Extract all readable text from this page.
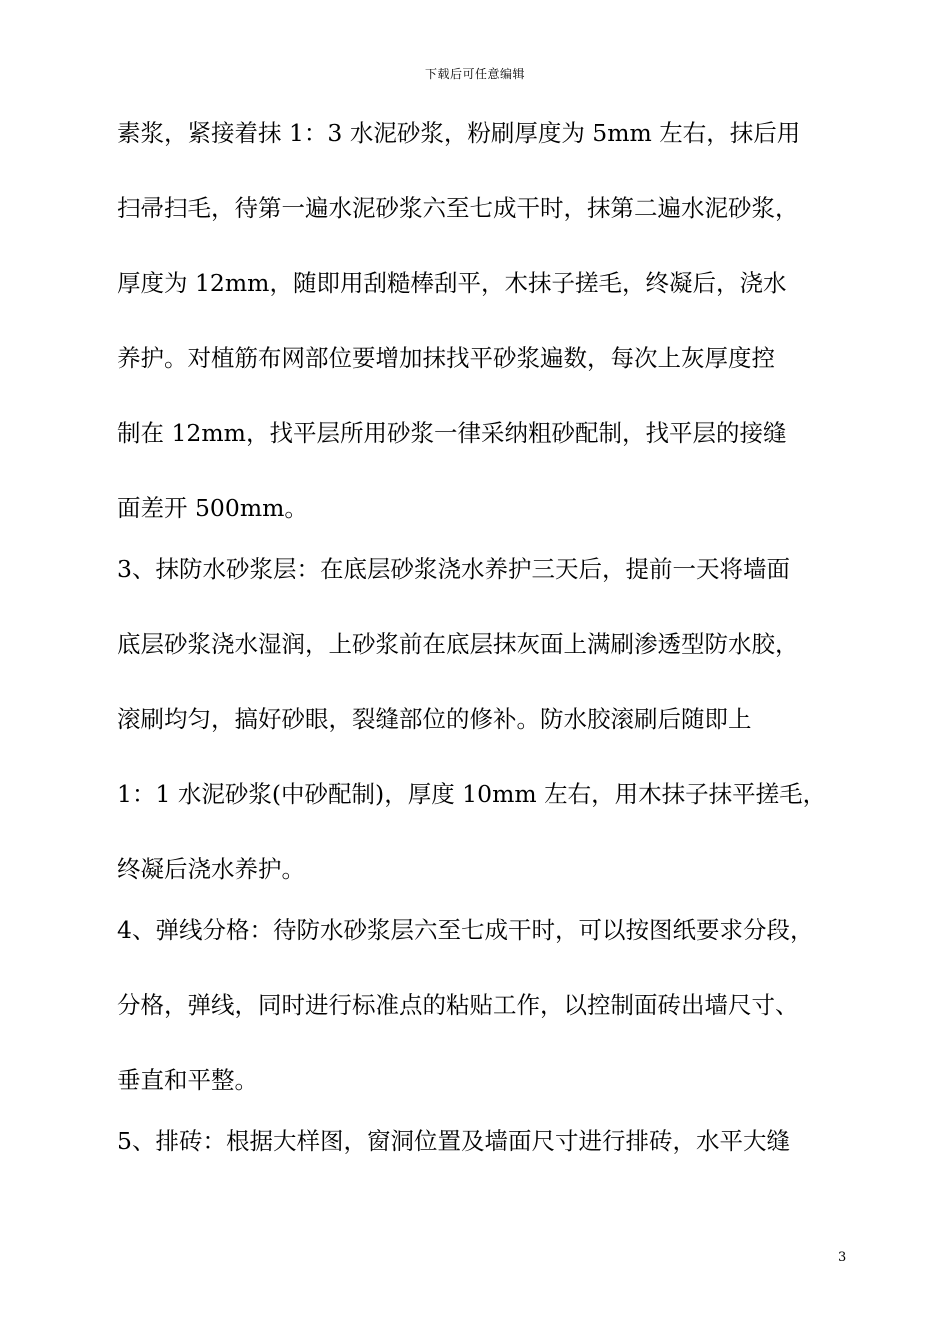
下载后可任意编辑
素浆，紧接着抹 1：3 水泥砂浆，粉刷厚度为 5mm 左右，抹后用
扫帚扫毛，待第一遍水泥砂浆六至七成干时，抹第二遍水泥砂浆，
厚度为 12mm，随即用刮糙棒刮平，木抹子搓毛，终凝后，浇水
养护。对植筋布网部位要增加抹找平砂浆遍数，每次上灰厚度控
制在 12mm，找平层所用砂浆一律采纳粗砂配制，找平层的接缝
面差开 500mm。
3、抹防水砂浆层：在底层砂浆浇水养护三天后，提前一天将墙面
底层砂浆浇水湿润，上砂浆前在底层抹灰面上满刷渗透型防水胶，
滚刷均匀，搞好砂眼，裂缝部位的修补。防水胶滚刷后随即上
1：1 水泥砂浆(中砂配制)，厚度 10mm 左右，用木抹子抹平搓毛，
终凝后浇水养护。
4、弹线分格：待防水砂浆层六至七成干时，可以按图纸要求分段，
分格，弹线，同时进行标准点的粘贴工作，以控制面砖出墙尺寸、
垂直和平整。
5、排砖：根据大样图，窗洞位置及墙面尺寸进行排砖，水平大缝
3
